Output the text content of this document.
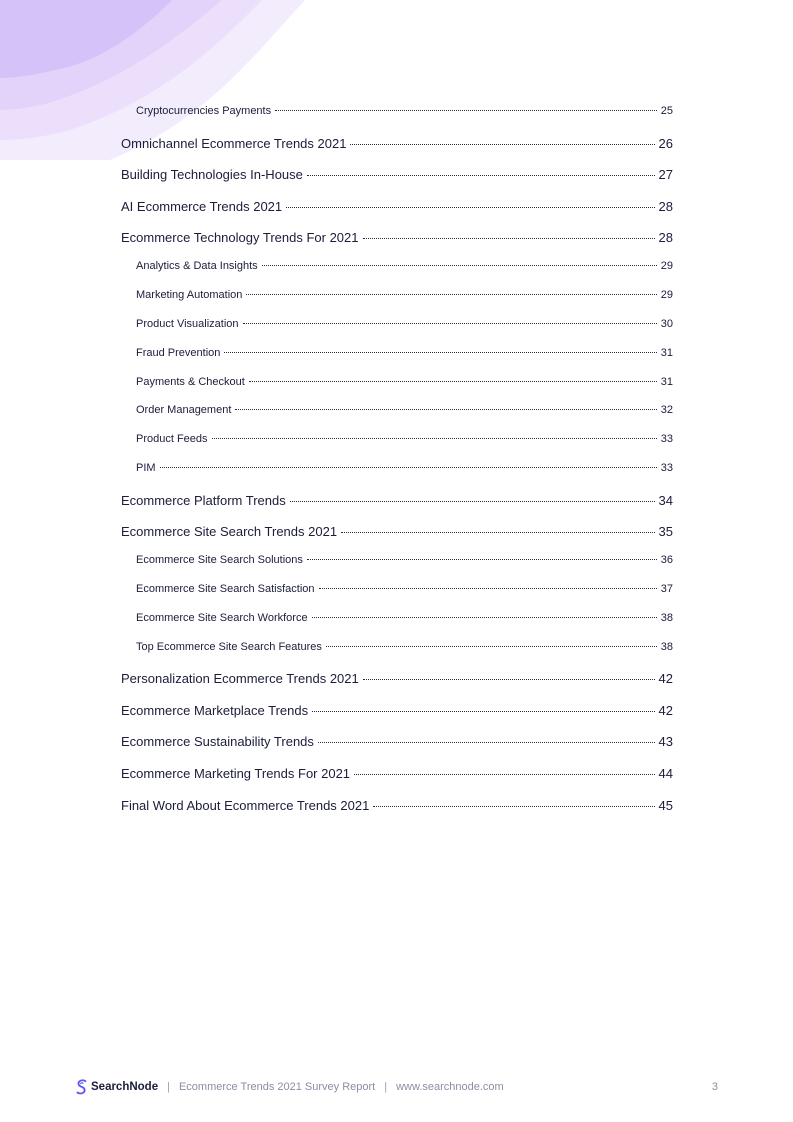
Cryptocurrencies Payments	25
Omnichannel Ecommerce Trends 2021	26
Building Technologies In-House	27
AI Ecommerce Trends 2021	28
Ecommerce Technology Trends For 2021	28
Analytics & Data Insights	29
Marketing Automation	29
Product Visualization	30
Fraud Prevention	31
Payments & Checkout	31
Order Management	32
Product Feeds	33
PIM	33
Ecommerce Platform Trends	34
Ecommerce Site Search Trends 2021	35
Ecommerce Site Search Solutions	36
Ecommerce Site Search Satisfaction	37
Ecommerce Site Search Workforce	38
Top Ecommerce Site Search Features	38
Personalization Ecommerce Trends 2021	42
Ecommerce Marketplace Trends	42
Ecommerce Sustainability Trends	43
Ecommerce Marketing Trends For 2021	44
Final Word About Ecommerce Trends 2021	45
SearchNode | Ecommerce Trends 2021 Survey Report | www.searchnode.com	3
